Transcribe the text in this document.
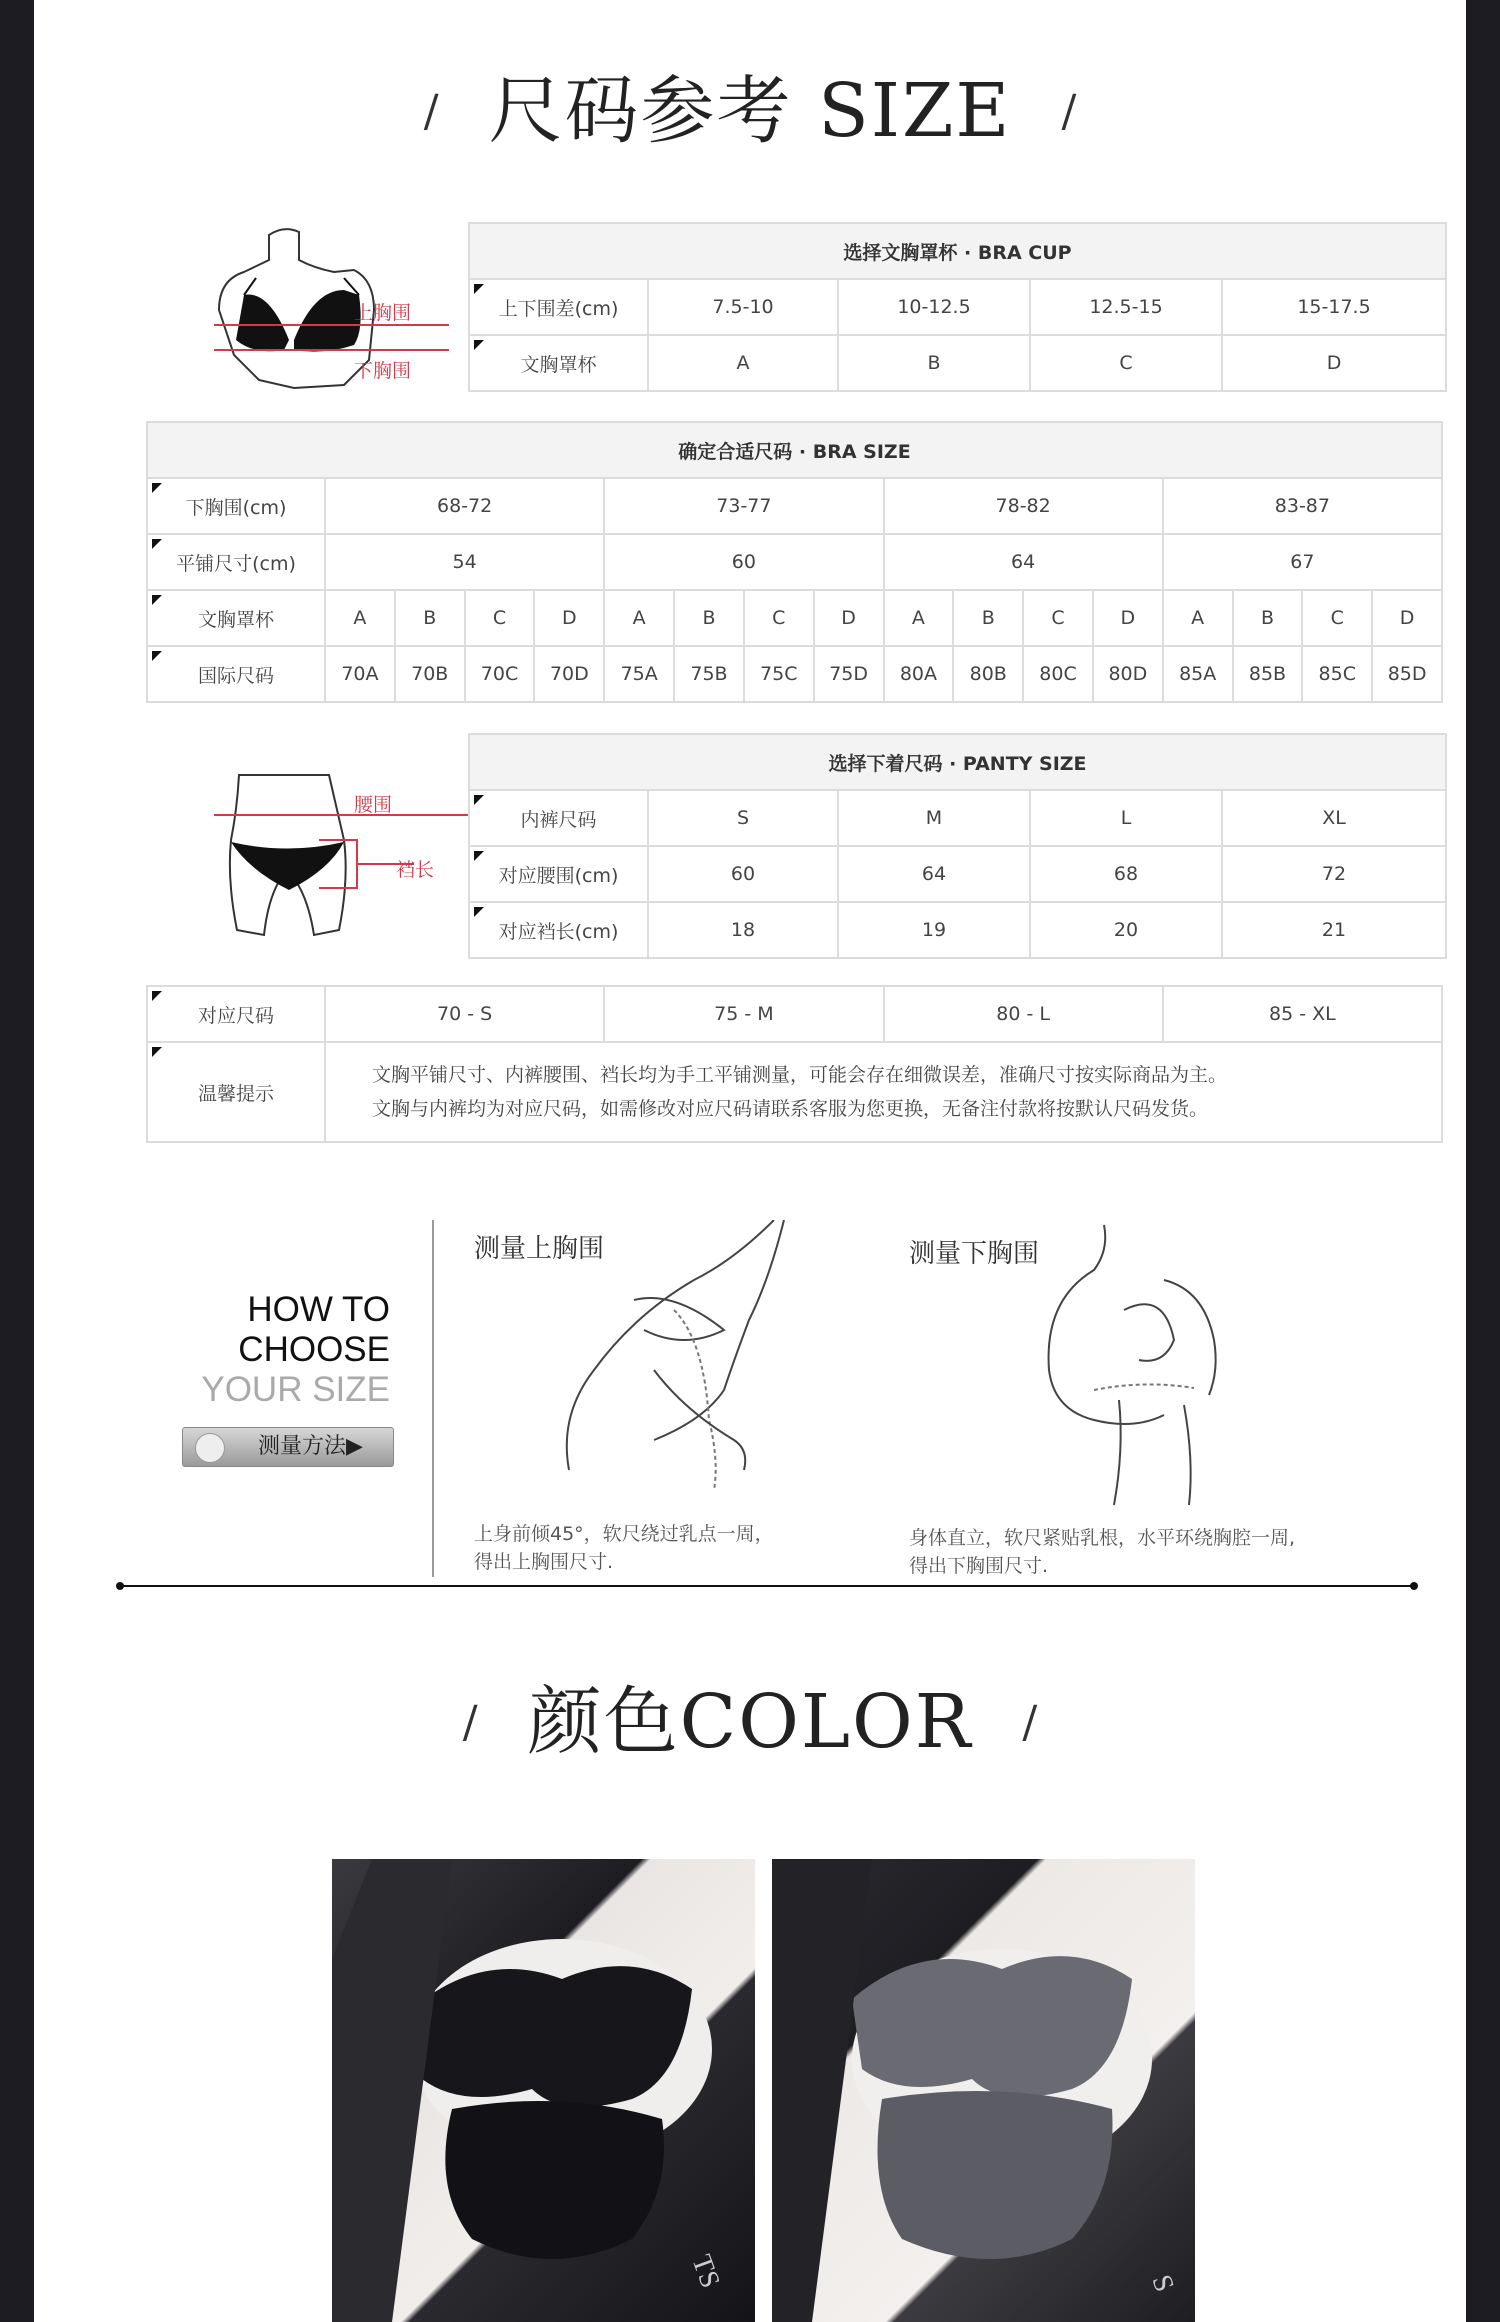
/ 尺码参考 SIZE /
上胸围
下胸围
选择文胸罩杯 · BRA CUP				
上下围差(cm)	7.5-10	10-12.5	12.5-15	15-17.5
文胸罩杯	A	B	C	D
确定合适尺码 · BRA SIZE																
下胸围(cm)	68-72				73-77				78-82				83-87			
平铺尺寸(cm)	54				60				64				67			
文胸罩杯	A	B	C	D	A	B	C	D	A	B	C	D	A	B	C	D
国际尺码	70A	70B	70C	70D	75A	75B	75C	75D	80A	80B	80C	80D	85A	85B	85C	85D
腰围
裆长
选择下着尺码 · PANTY SIZE				
内裤尺码	S	M	L	XL
对应腰围(cm)	60	64	68	72
对应裆长(cm)	18	19	20	21
对应尺码	70 - S	75 - M	80 - L	85 - XL
温馨提示	文胸平铺尺寸、内裤腰围、裆长均为手工平铺测量，可能会存在细微误差，准确尺寸按实际商品为主。
文胸与内裤均为对应尺码，如需修改对应尺码请联系客服为您更换，无备注付款将按默认尺码发货。			
HOW TO
CHOOSE
YOUR SIZE
测量方法▶
测量上胸围
上身前倾45°，软尺绕过乳点一周，
得出上胸围尺寸.
测量下胸围
身体直立，软尺紧贴乳根，水平环绕胸腔一周,
得出下胸围尺寸.
/ 颜色COLOR /
TS	S
